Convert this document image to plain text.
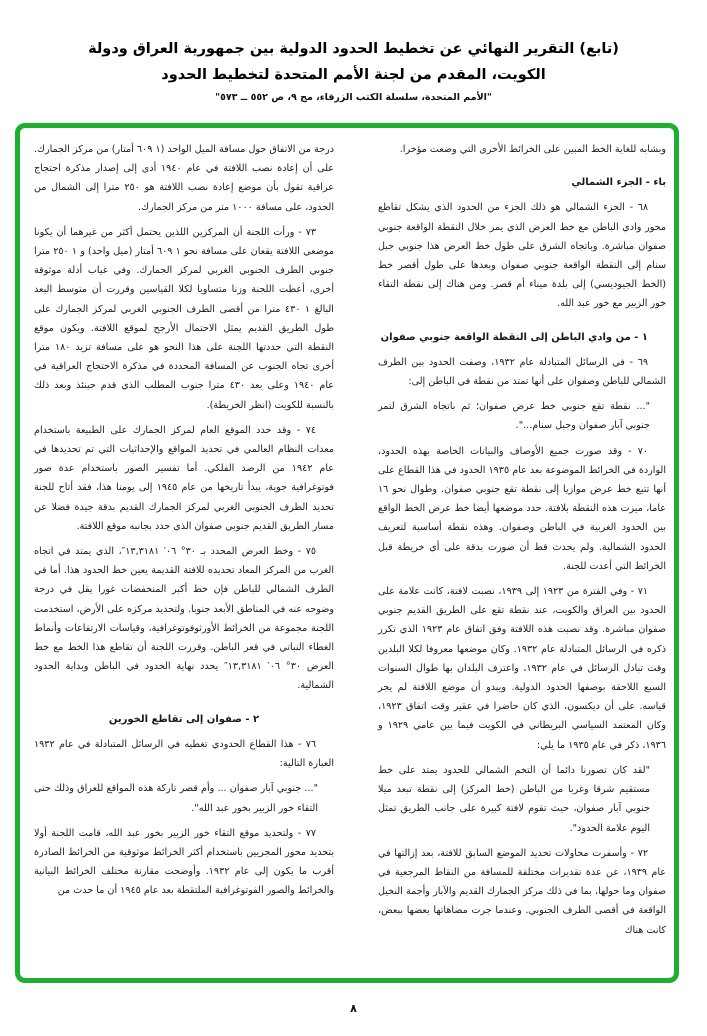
(تابع) التقرير النهائي عن تخطيط الحدود الدولية بين جمهورية العراق ودولة
الكويت، المقدم من لجنة الأمم المتحدة لتخطيط الحدود
"الأمم المتحدة، سلسلة الكتب الزرقاء، مج ٩، ص ٥٥٢ ــ ٥٧٣"

وبشابه للغاية الخط المبين على الخرائط الأخرى التي وضعت مؤخرا.

باء - الجزء الشمالي

٦٨ - الجزء الشمالي هو ذلك الجزء من الحدود الذي يشكل تقاطع محور وادي الباطن مع خط العرض الذي يمر خلال النقطة الواقعة جنوبي صفوان مباشرة. وباتجاه الشرق على طول خط العرض هذا جنوبي جبل سنام إلى النقطة الواقعة جنوبي صفوان وبعدها على طول أقصر خط (الخط الجيوديسي) إلى بلدة ميناء أم قصر. ومن هناك إلى نقطة التقاء خور الزبير مع خور عبد الله.

١ - من وادي الباطن إلى النقطة الواقعة جنوبي صفوان

٦٩ - في الرسائل المتبادلة عام ١٩٣٢، وصفت الحدود بين الطرف الشمالي للباطن وصفوان على أنها تمتد من نقطة في الباطن إلى:

"... نقطة تقع جنوبي خط عرض صفوان؛ ثم باتجاه الشرق لتمر جنوبي آبار صفوان وجبل سنام...".

٧٠ - وقد صورت جميع الأوصاف والبيانات الخاصة بهذه الحدود، الواردة في الخرائط الموضوعة بعد عام ١٩٣٥ الحدود في هذا القطاع على أنها تتبع خط عرض موازيا إلى نقطة تقع جنوبي صفوان. وطوال نحو ١٦ عاما، ميزت هذه النقطة بلافتة. حدد موضعها أيضا خط عرض الخط الواقع بين الحدود الغربية في الباطن وصفوان. وهذه نقطة أساسية لتعريف الحدود الشمالية. ولم يحدث قط أن صورت بدقة على أي خريطة قبل الخرائط التي أعدت للجنة.

٧١ - وفي الفترة من ١٩٢٣ إلى ١٩٣٩، نصبت لافتة، كانت علامة على الحدود بين العراق والكويت، عند نقطة تقع على الطريق القديم جنوبي صفوان مباشرة. وقد نصبت هذه اللافتة وفق اتفاق عام ١٩٢٣ الذي تكرر ذكره في الرسائل المتبادلة عام ١٩٣٢. وكان موضعها معروفا لكلا البلدين وقت تبادل الرسائل في عام ١٩٣٢، واعترف البلدان بها طوال السنوات السبع اللاحقة بوصفها الحدود الدولية. ويبدو أن موضع اللافتة لم يجر قياسه. على أن ديكسون، الذي كان حاضرا في عقير وقت اتفاق ١٩٢٣، وكان المعتمد السياسي البريطاني في الكويت فيما بين عامي ١٩٢٩ و ١٩٣٦، ذكر في عام ١٩٣٥ ما يلي:

"لقد كان تصورنا دائما أن التخم الشمالي للحدود يمتد على خط مستقيم شرقا وغربا من الباطن (خط المركز) إلى نقطة تبعد ميلا جنوبي آبار صفوان، حيث تقوم لافتة كبيرة على جانب الطريق تمثل اليوم علامة الحدود".

٧٢ - وأسفرت محاولات تحديد الموضع السابق للافتة، بعد إزالتها في عام ١٩٣٩، عن عدة تقديرات مختلفة للمسافة من النقاط المرجعية في صفوان وما حولها، بما في ذلك مركز الجمارك القديم والآبار وأجمة النخيل الواقعة في أقصى الطرف الجنوبي. وعندما جرت مضاهاتها بعضها ببعض، كانت هناك

درجة من الاتفاق حول مسافة الميل الواحد (١ ٦٠٩ أمتار) من مركز الجمارك. على أن إعادة نصب اللافتة في عام ١٩٤٠ أدى إلى إصدار مذكرة احتجاج عراقية تقول بأن موضع إعادة نصب اللافتة هو ٢٥٠ مترا إلى الشمال من الحدود، على مسافة ١٠٠٠ متر من مركز الجمارك.

٧٣ - ورأت اللجنة أن المركزين اللذين يحتمل أكثر من غيرهما أن يكونا موضعي اللافتة يقعان على مسافة نحو ١ ٦٠٩ أمتار (ميل واحد) و ١ ٢٥٠ مترا جنوبي الطرف الجنوبي الغربي لمركز الجمارك. وفي غياب أدلة موثوقة أخرى، أعطت اللجنة وزنا متساويا لكلا القياسين وقررت أن متوسط البعد البالغ ١ ٤٣٠ مترا من أقصى الطرف الجنوبي الغربي لمركز الجمارك على طول الطريق القديم يمثل الاحتمال الأرجح لموقع اللافتة. ويكون موقع النقطة التي حددتها اللجنة على هذا النحو هو على مسافة تزيد ١٨٠ مترا أخرى تجاه الجنوب عن المسافة المحددة في مذكرة الاحتجاج العراقية في عام ١٩٤٠ وعلى بعد ٤٣٠ مترا جنوب المطلب الذي قدم حينئذ وبعد ذلك بالنسبة للكويت (انظر الخريطة).

٧٤ - وقد حدد الموقع العام لمركز الجمارك على الطبيعة باستخدام معدات النظام العالمي في تحديد المواقع والإحداثيات التي تم تحديدها في عام ١٩٤٢ من الرصد الفلكي. أما تفسير الصور باستخدام عدة صور فوتوغرافية جوية، يبدأ تاريخها من عام ١٩٤٥ إلى يومنا هذا، فقد أتاح للجنة تحديد الطرف الجنوبي الغربي لمركز الجمارك القديم بدقة جيدة فضلا عن مسار الطريق القديم جنوبي صفوان الذي حدد بجانبه موقع اللافتة.

٧٥ - وخط العرض المحدد بـ ٣٠° ٠٦′ ١٣,٣١٨١″، الذي يمتد في اتجاه الغرب من المركز المعاد تحديده للافتة القديمة يعين خط الحدود هذا. أما في الطرف الشمالي للباطن فإن خط أكبر المنخفضات غورا يقل في درجة وضوحه عنه في المناطق الأبعد جنوبا. ولتحديد مركزه على الأرض، استخدمت اللجنة مجموعة من الخرائط الأورثوفوتوغرافية، وقياسات الارتفاعات وأنماط الغطاء النباتي في قعر الباطن. وقررت اللجنة أن تقاطع هذا الخط مع خط العرض ٣٠° ٠٦′ ١٣,٣١٨١″ يحدد نهاية الحدود في الباطن وبداية الحدود الشمالية.

٢ - صفوان إلى تقاطع الخورين

٧٦ - هذا القطاع الحدودي تغطيه في الرسائل المتبادلة في عام ١٩٣٢ العبارة التالية:

"... جنوبي آبار صفوان ... وأم قصر تاركة هذه المواقع للعراق وذلك حتى التقاء خور الزبير بخور عبد الله".

٧٧ - ولتحديد موقع التقاء خور الزبير بخور عبد الله، قامت اللجنة أولا بتحديد محور المجريين باستخدام أكثر الخرائط موثوقية من الخرائط الصادرة أقرب ما يكون إلى عام ١٩٣٢. وأوضحت مقارنة مختلف الخرائط البيانية والخرائط والصور الفوتوغرافية الملتقطة بعد عام ١٩٤٥ أن ما حدث من

٨
